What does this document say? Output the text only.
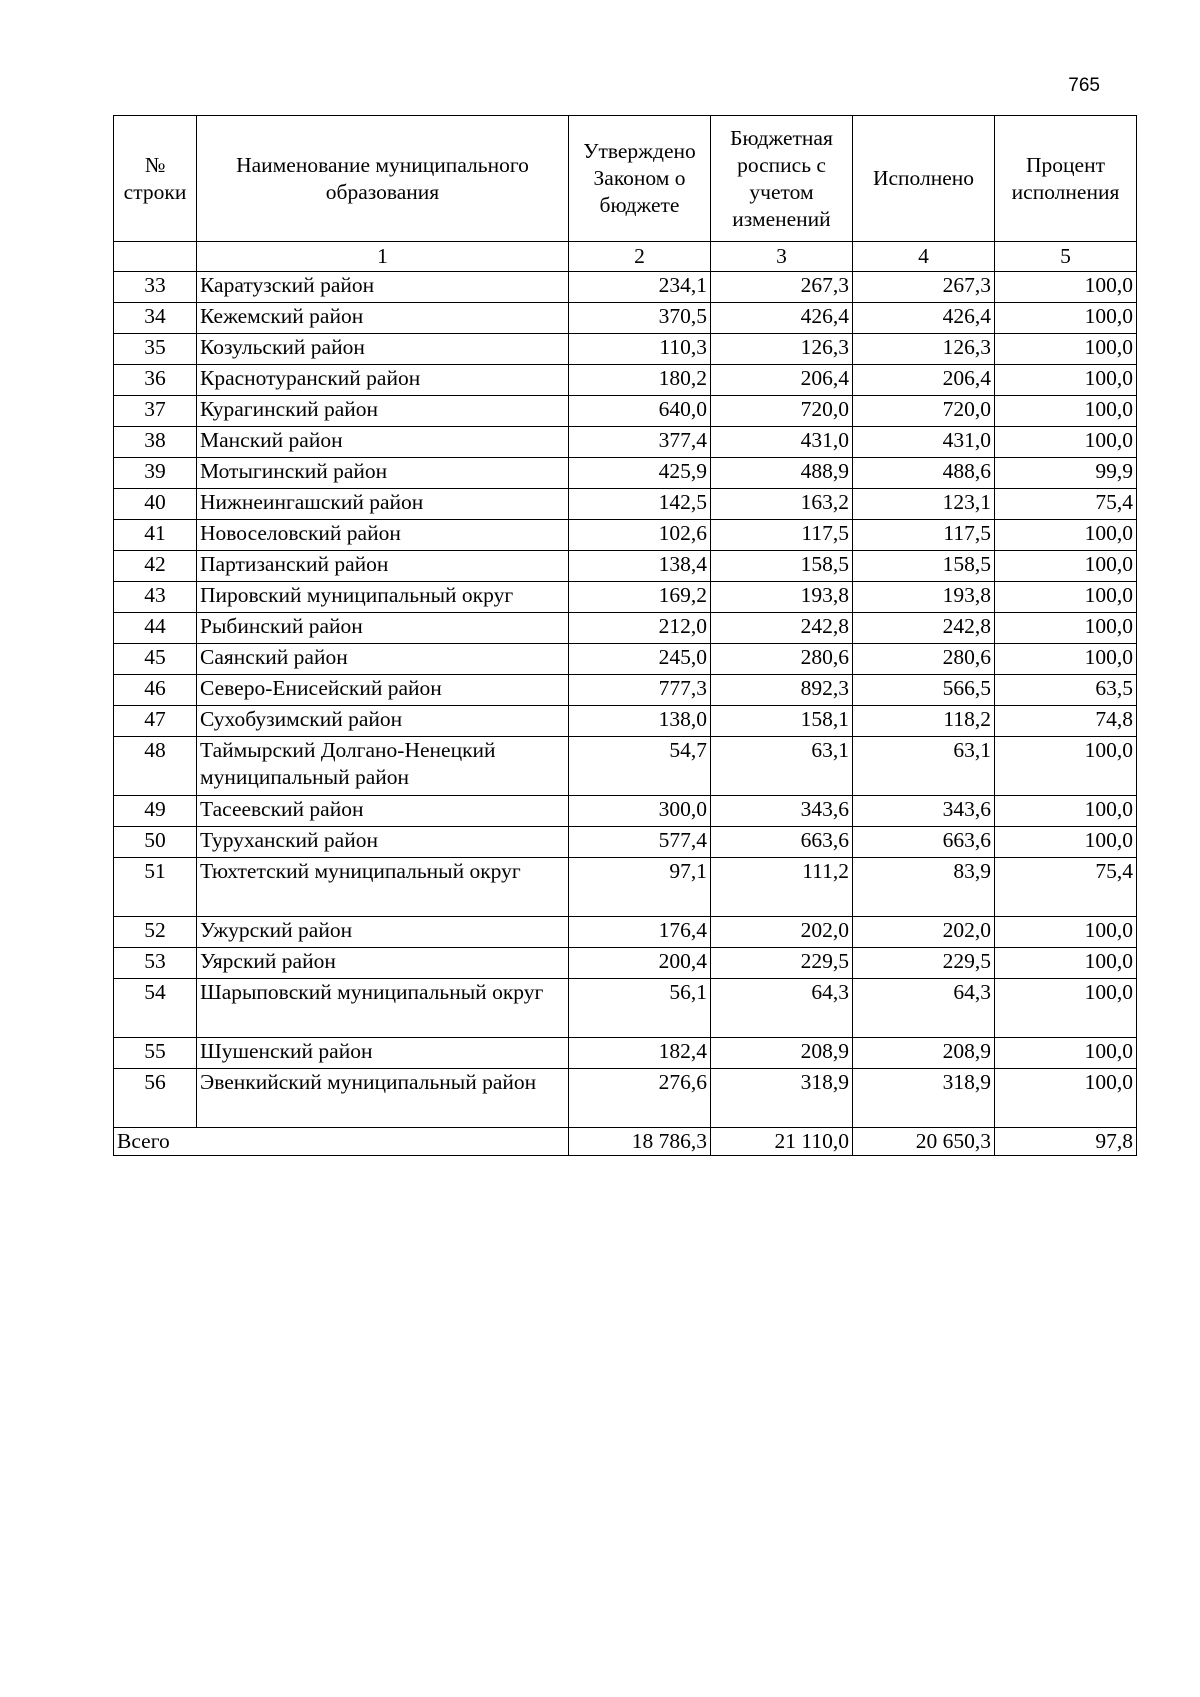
765
№ строки	Наименование муниципального образования	Утверждено Законом о бюджете	Бюджетная роспись с учетом изменений	Исполнено	Процент исполнения
	1	2	3	4	5
33	Каратузский район	234,1	267,3	267,3	100,0
34	Кежемский район	370,5	426,4	426,4	100,0
35	Козульский район	110,3	126,3	126,3	100,0
36	Краснотуранский район	180,2	206,4	206,4	100,0
37	Курагинский район	640,0	720,0	720,0	100,0
38	Манский район	377,4	431,0	431,0	100,0
39	Мотыгинский район	425,9	488,9	488,6	99,9
40	Нижнеингашский район	142,5	163,2	123,1	75,4
41	Новоселовский район	102,6	117,5	117,5	100,0
42	Партизанский район	138,4	158,5	158,5	100,0
43	Пировский муниципальный округ	169,2	193,8	193,8	100,0
44	Рыбинский район	212,0	242,8	242,8	100,0
45	Саянский район	245,0	280,6	280,6	100,0
46	Северо-Енисейский район	777,3	892,3	566,5	63,5
47	Сухобузимский район	138,0	158,1	118,2	74,8
48	Таймырский Долгано-Ненецкий муниципальный район	54,7	63,1	63,1	100,0
49	Тасеевский район	300,0	343,6	343,6	100,0
50	Туруханский район	577,4	663,6	663,6	100,0
51	Тюхтетский муниципальный округ	97,1	111,2	83,9	75,4
52	Ужурский район	176,4	202,0	202,0	100,0
53	Уярский район	200,4	229,5	229,5	100,0
54	Шарыповский муниципальный округ	56,1	64,3	64,3	100,0
55	Шушенский район	182,4	208,9	208,9	100,0
56	Эвенкийский муниципальный район	276,6	318,9	318,9	100,0
Всего		18 786,3	21 110,0	20 650,3	97,8
